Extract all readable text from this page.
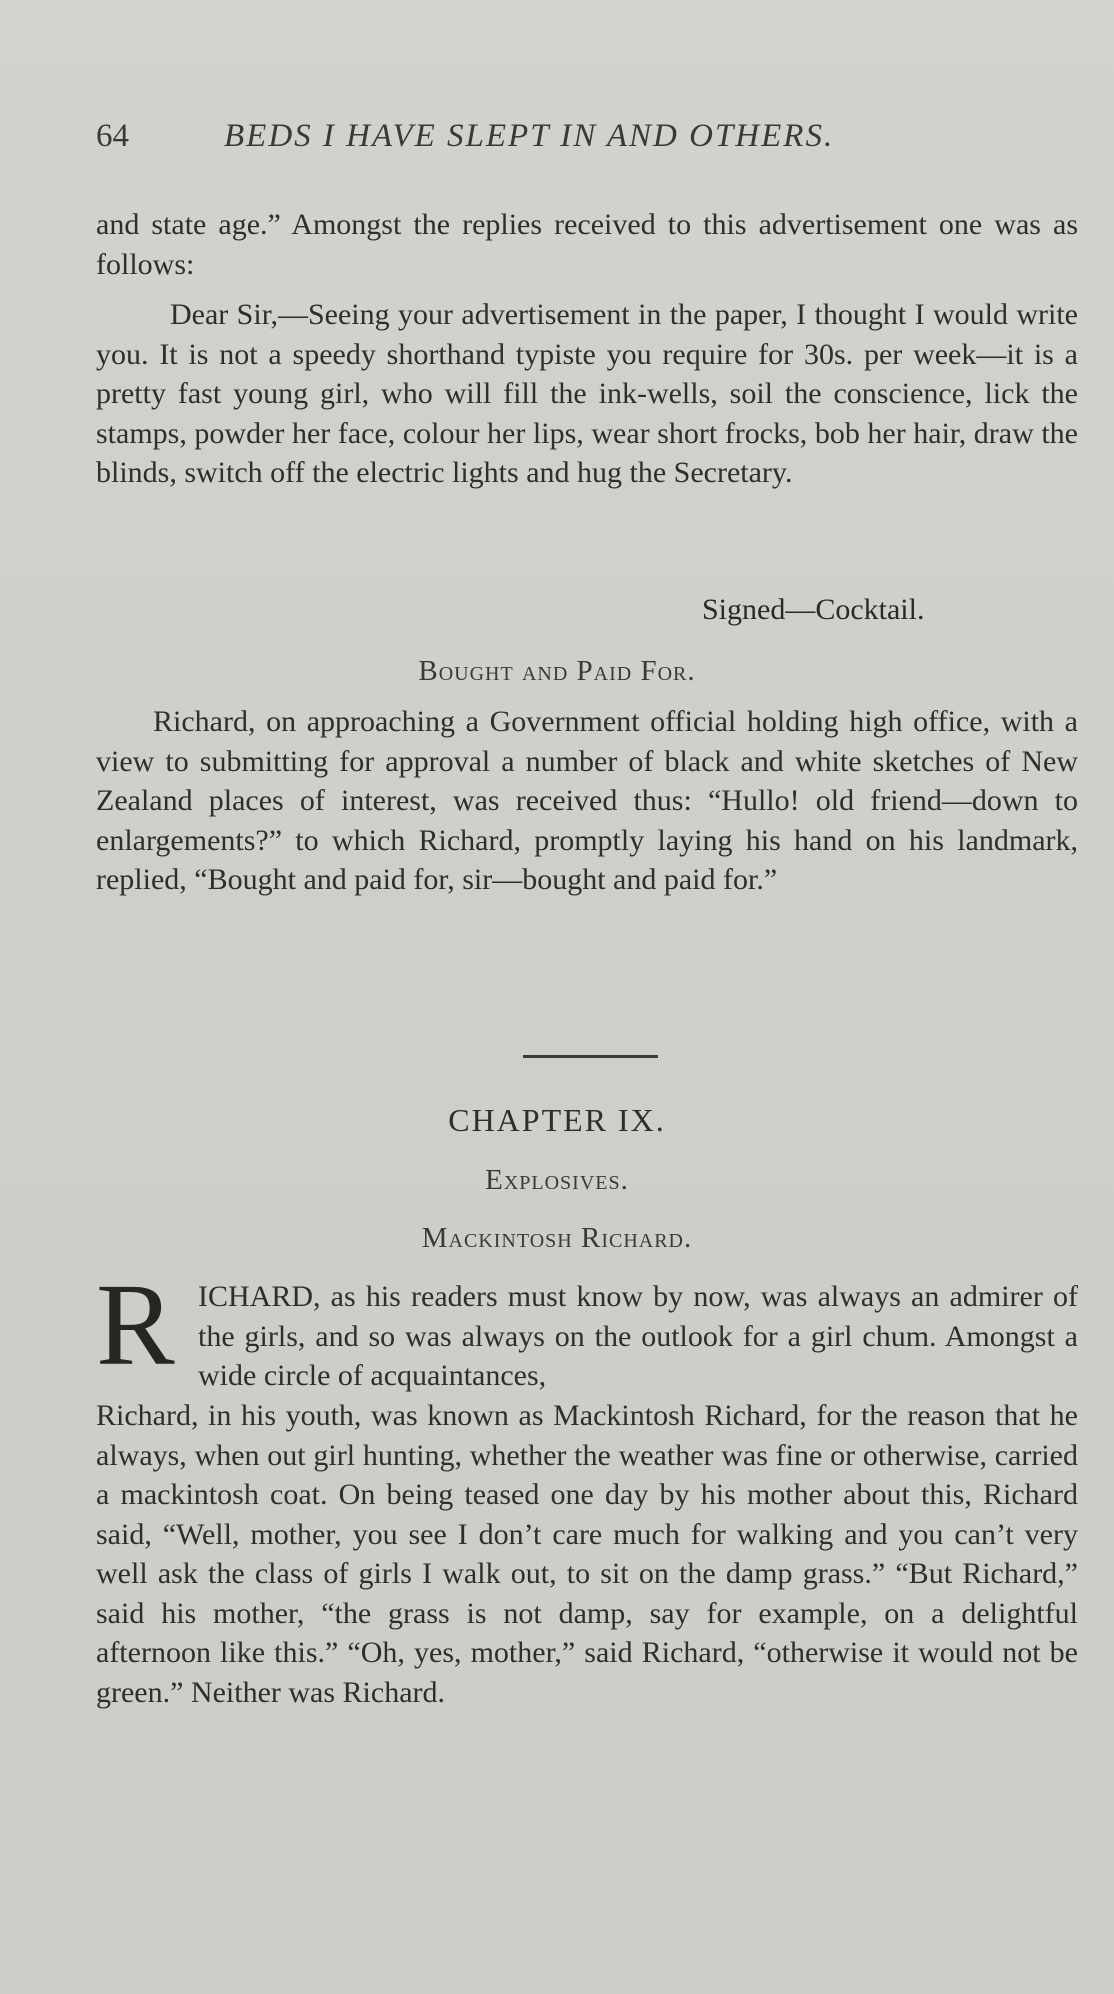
64	BEDS I HAVE SLEPT IN AND OTHERS.
and state age.” Amongst the replies received to this advertisement one was as follows:
Dear Sir,—Seeing your advertisement in the paper, I thought I would write you. It is not a speedy shorthand typiste you require for 30s. per week—it is a pretty fast young girl, who will fill the ink-wells, soil the conscience, lick the stamps, powder her face, colour her lips, wear short frocks, bob her hair, draw the blinds, switch off the electric lights and hug the Secretary.
Signed—Cocktail.
Bought and Paid For.
Richard, on approaching a Government official holding high office, with a view to submitting for approval a number of black and white sketches of New Zealand places of interest, was received thus: “Hullo! old friend—down to enlargements?” to which Richard, promptly laying his hand on his landmark, replied, “Bought and paid for, sir—bought and paid for.”
CHAPTER IX.
Explosives.
Mackintosh Richard.
R ICHARD, as his readers must know by now, was always an admirer of the girls, and so was always on the outlook for a girl chum. Amongst a wide circle of acquaintances,
Richard, in his youth, was known as Mackintosh Richard, for the reason that he always, when out girl hunting, whether the weather was fine or otherwise, carried a mackintosh coat. On being teased one day by his mother about this, Richard said, “Well, mother, you see I don’t care much for walking and you can’t very well ask the class of girls I walk out, to sit on the damp grass.” “But Richard,” said his mother, “the grass is not damp, say for example, on a delightful afternoon like this.” “Oh, yes, mother,” said Richard, “otherwise it would not be green.” Neither was Richard.
